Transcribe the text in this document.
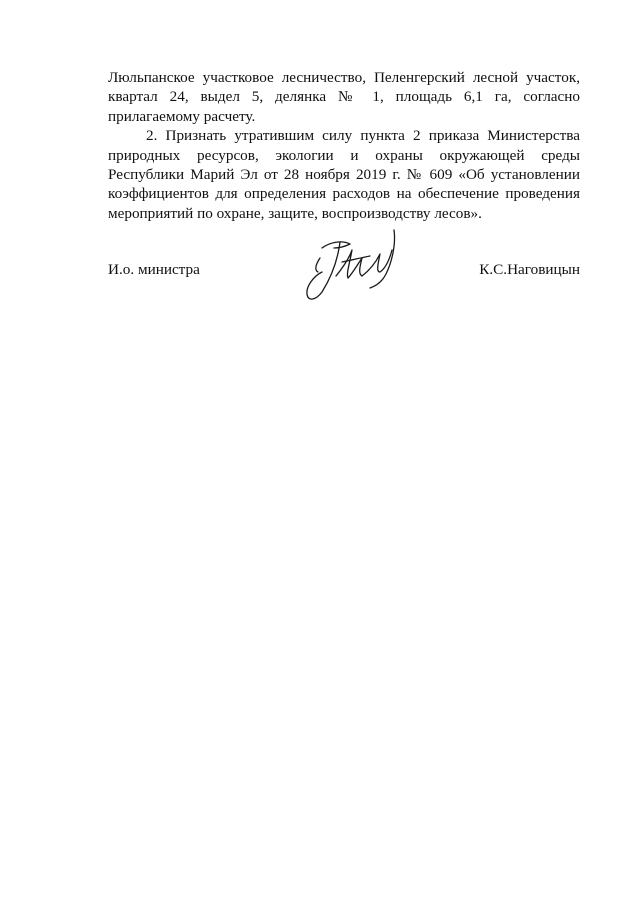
Люльпанское участковое лесничество, Пеленгерский лесной участок, квартал 24, выдел 5, делянка № 1, площадь 6,1 га, согласно прилагаемому расчету.

2. Признать утратившим силу пункта 2 приказа Министерства природных ресурсов, экологии и охраны окружающей среды Республики Марий Эл от 28 ноября 2019 г. № 609 «Об установлении коэффициентов для определения расходов на обеспечение проведения мероприятий по охране, защите, воспроизводству лесов».

И.о. министра	К.С.Наговицын
